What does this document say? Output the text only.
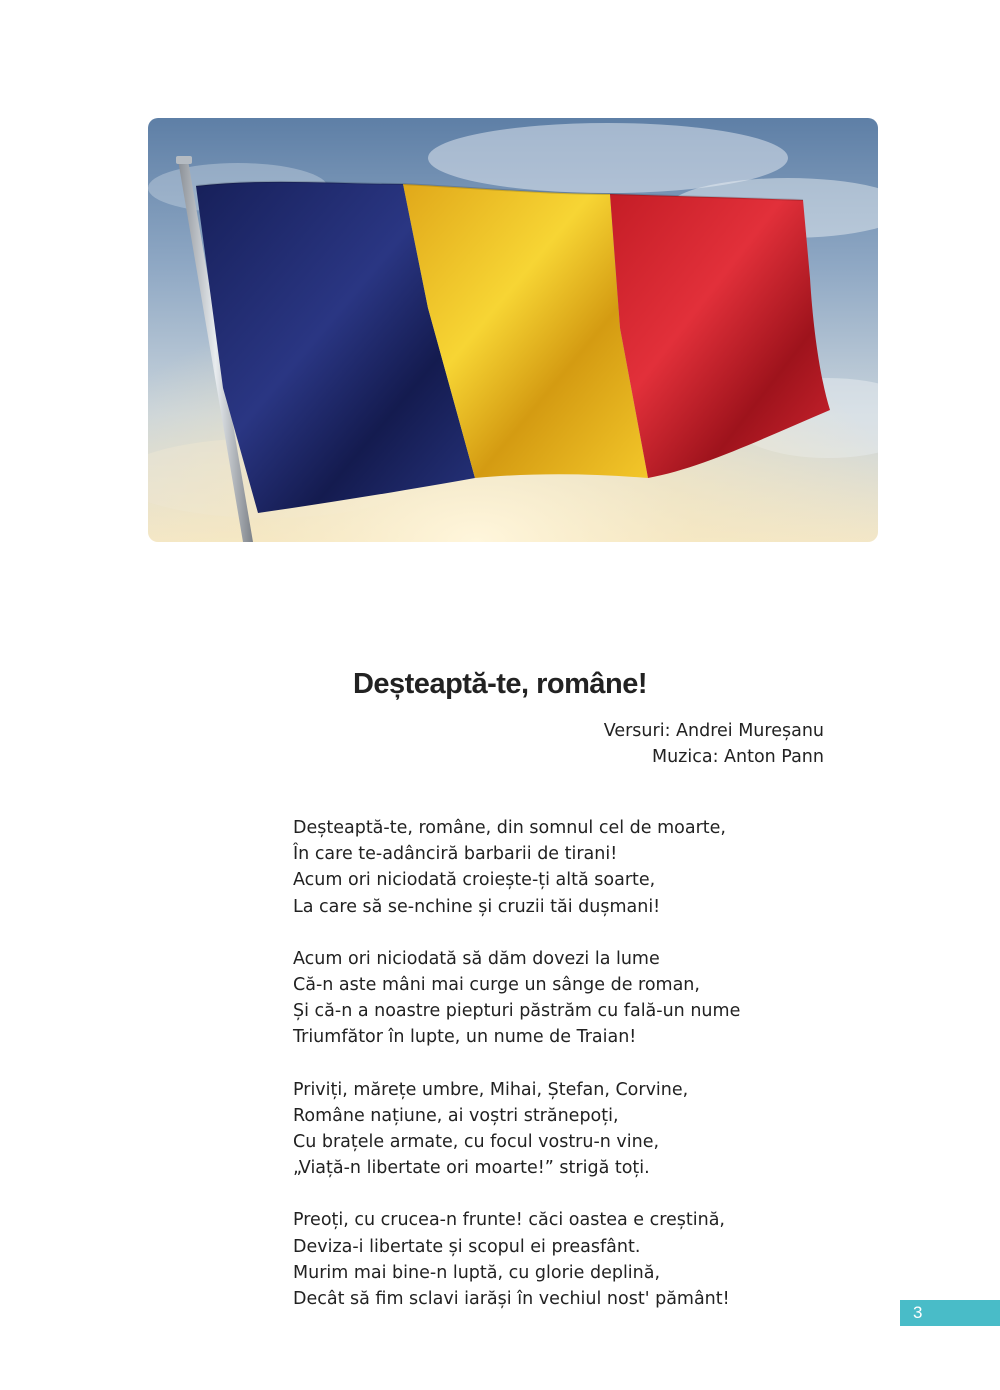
Deșteaptă-te, române!
Versuri: Andrei Mureșanu
Muzica: Anton Pann
Deșteaptă-te, române, din somnul cel de moarte,
În care te-adânciră barbarii de tirani!
Acum ori niciodată croiește-ți altă soarte,
La care să se-nchine și cruzii tăi dușmani!
Acum ori niciodată să dăm dovezi la lume
Că-n aste mâni mai curge un sânge de roman,
Și că-n a noastre piepturi păstrăm cu fală-un nume
Triumfător în lupte, un nume de Traian!
Priviți, mărețe umbre, Mihai, Ștefan, Corvine,
Române națiune, ai voștri strănepoți,
Cu brațele armate, cu focul vostru-n vine,
„Viață-n libertate ori moarte!” strigă toți.
Preoți, cu crucea-n frunte! căci oastea e creștină,
Deviza-i libertate și scopul ei preasfânt.
Murim mai bine-n luptă, cu glorie deplină,
Decât să fim sclavi iarăși în vechiul nost' pământ!
3
